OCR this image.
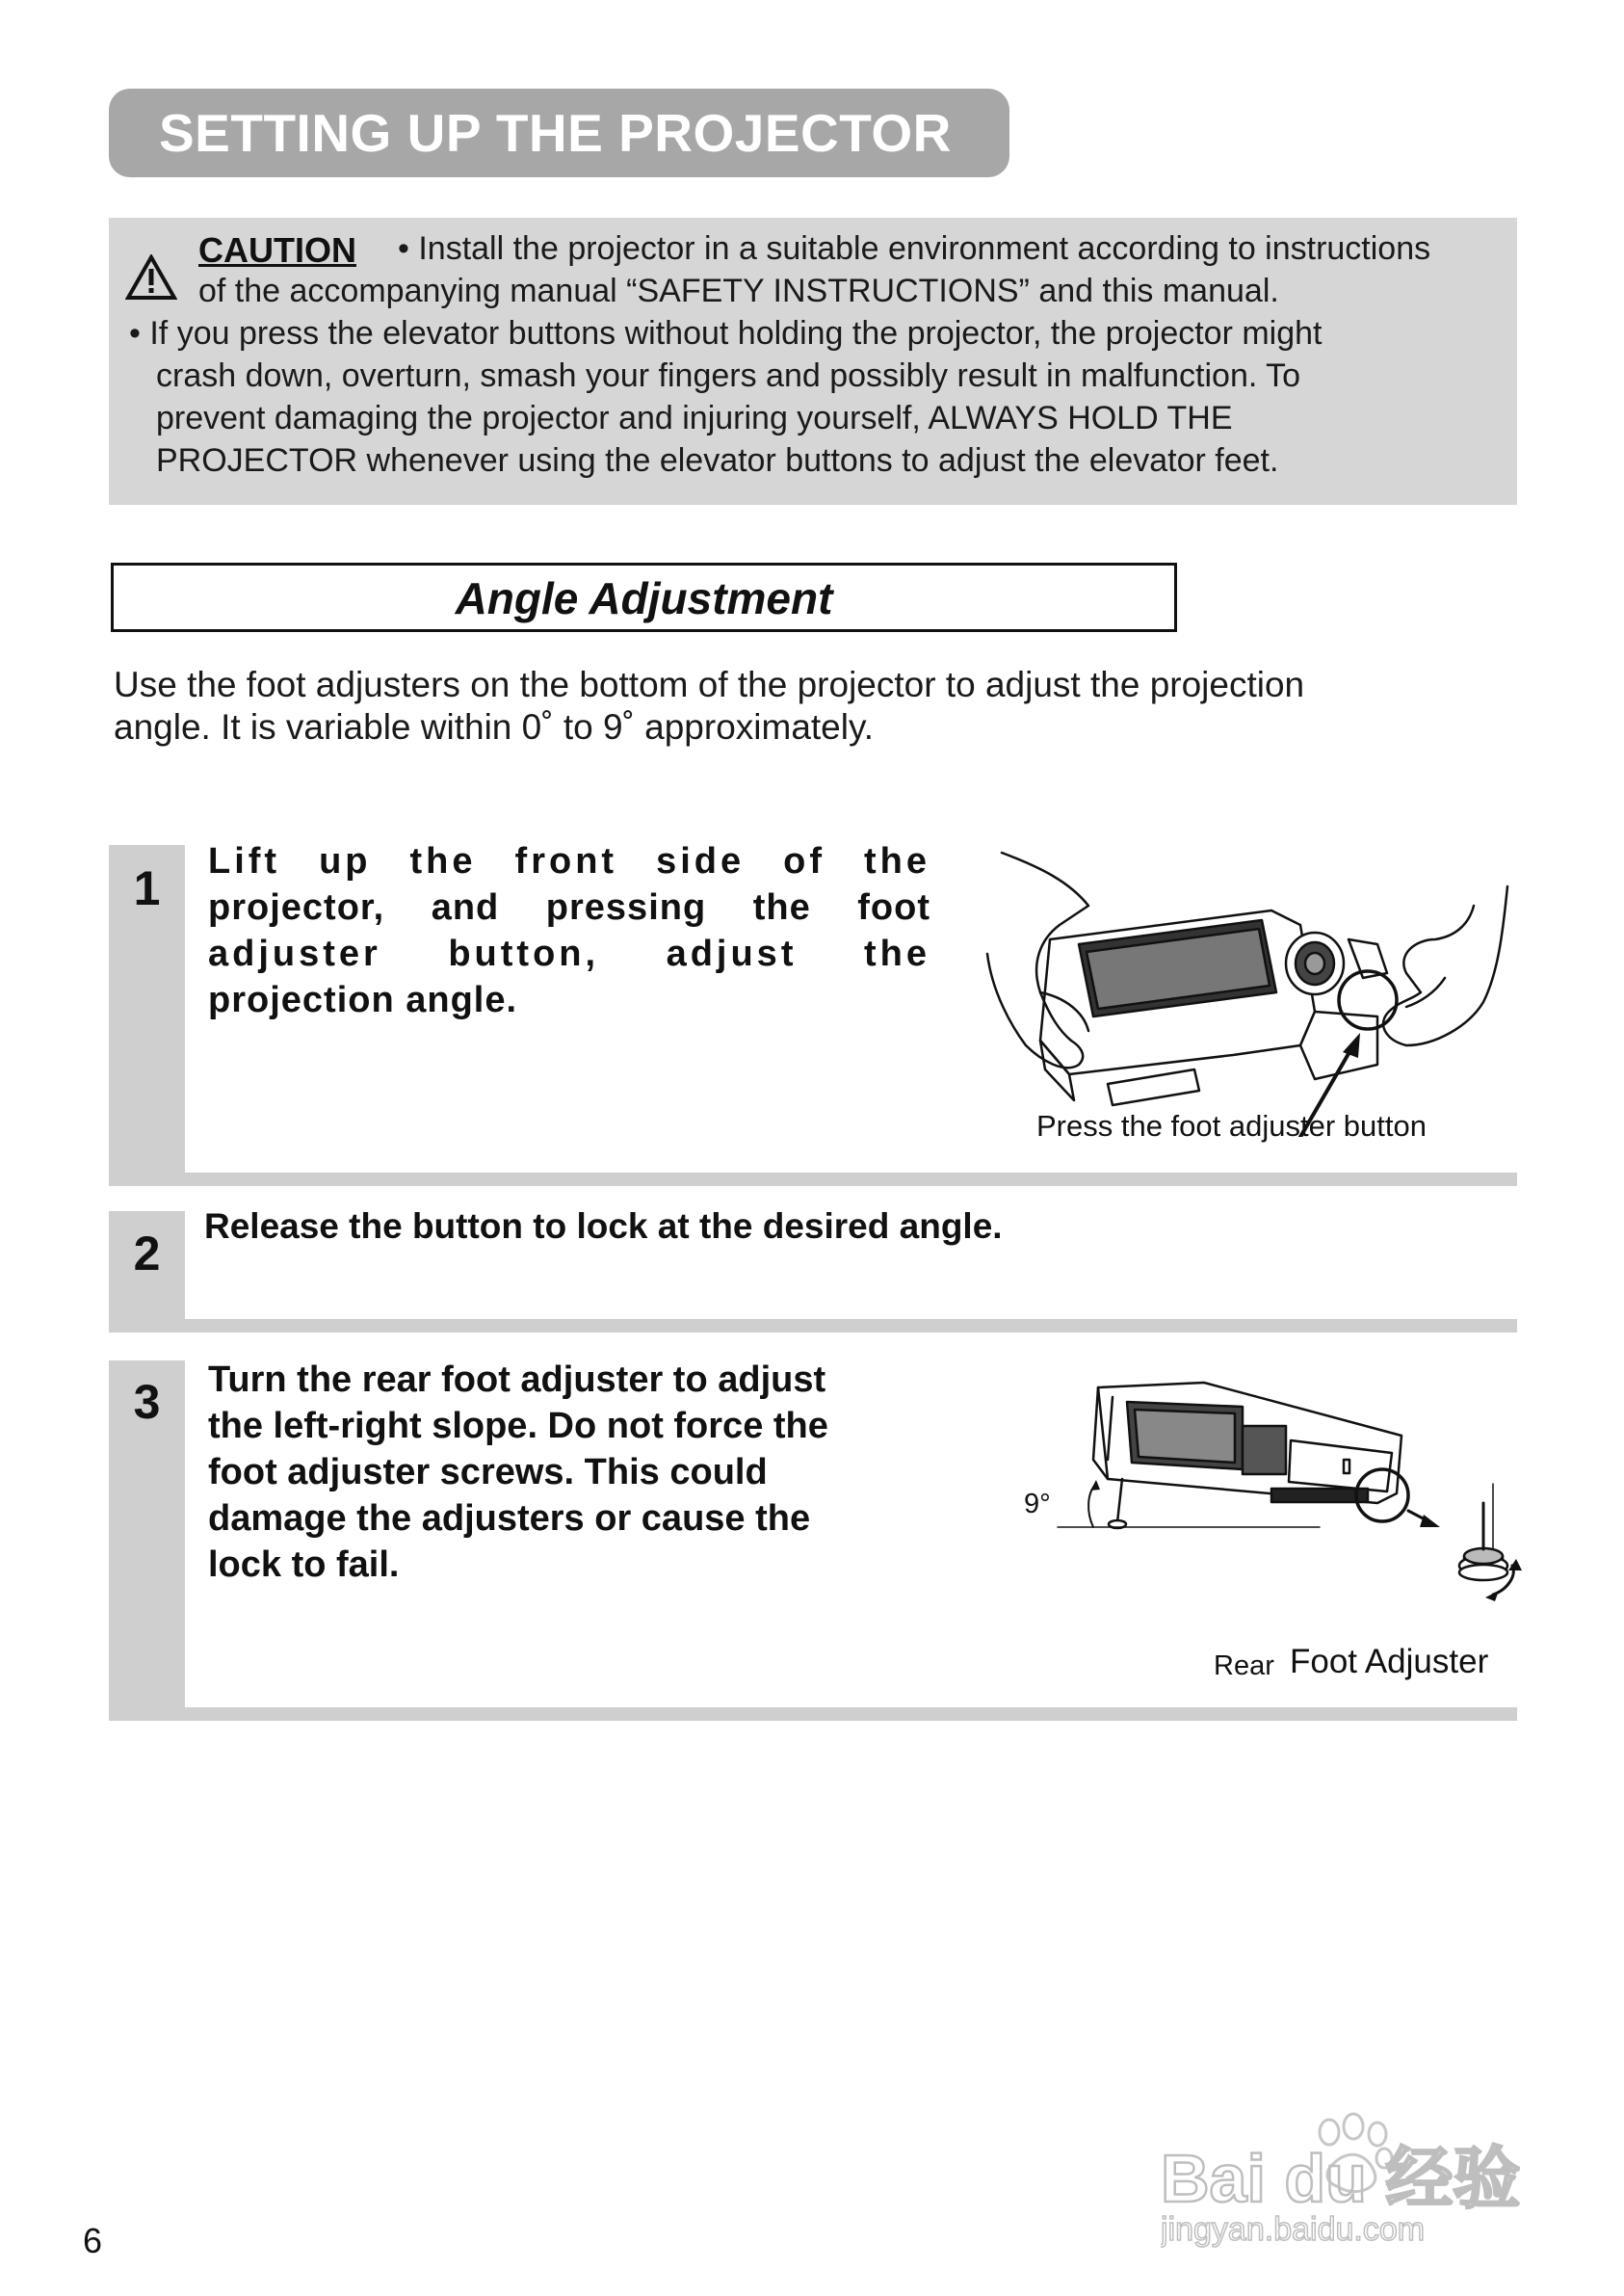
SETTING UP THE PROJECTOR
CAUTION • Install the projector in a suitable environment according to instructions
of the accompanying manual “SAFETY INSTRUCTIONS” and this manual.
• If you press the elevator buttons without holding the projector, the projector might
crash down, overturn, smash your fingers and possibly result in malfunction. To
prevent damaging the projector and injuring yourself, ALWAYS HOLD THE
PROJECTOR whenever using the elevator buttons to adjust the elevator feet.
Angle Adjustment
Use the foot adjusters on the bottom of the projector to adjust the projection
angle. It is variable within 0˚ to 9˚ approximately.
1	Lift up the front side of the
projector, and pressing the foot
adjuster button, adjust the
projection angle.
Press the foot adjuster button
2
Release the button to lock at the desired angle.
3	Turn the rear foot adjuster to adjust
the left-right slope. Do not force the
foot adjuster screws. This could
damage the adjusters or cause the
lock to fail.
9°
Rear Foot Adjuster
Bai du 经验
jingyan.baidu.com
6
